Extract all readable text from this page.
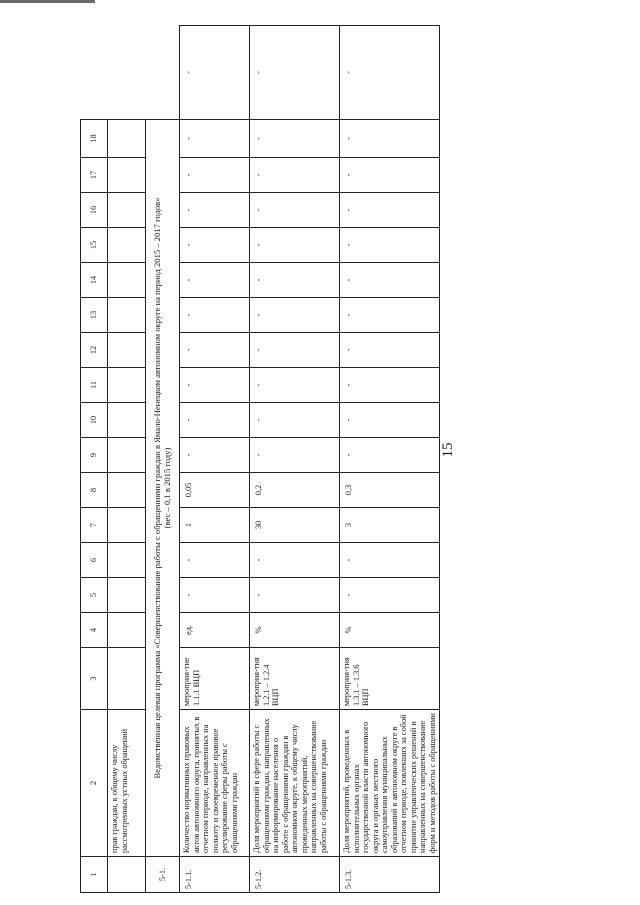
15
1	2	3	4	5	6	7	8	9	10	11	12	13	14	15	16	17	18	
	прав граждан, к общему числу рассмотренных устных обращений																	
5-1.	Ведомственная целевая программа «Совершенствование работы с обращениями граждан в Ямало-Ненецком автономном округе на период 2015 – 2017 годов» (вес – 0,1 в 2015 году)																	

5-1.1.	Количество нормативных правовых актов автономного округа, принятых в отчетном периоде, направленных на полноту и своевременное правовое регулирование сферы работы с обращениями граждан	мероприя-тие 1.1.1 ВЦП	ед.	-	-	1	0,05	-	-	-	-	-	-	-	-	-	-	-
5-1.2.	Доля мероприятий в сфере работы с обращениями граждан, направленных на информирование населения о работе с обращениями граждан в автономном округе, к общему числу проведенных мероприятий, направленных на совершенствование работы с обращениями граждан	мероприя-тия 1.2.1 – 1.2.4 ВЦП	%	-	-	30	0,2	-	-	-	-	-	-	-	-	-	-	-
5-1.3.	Доля мероприятий, проведенных в исполнительных органах государственной власти автономного округа и органах местного самоуправления муниципальных образований в автономном округе в отчетном периоде, повлекших за собой принятие управленческих решений и направленных на совершенствование форм и методов работы с обращениями	мероприя-тия 1.3.1 – 1.3.6 ВЦП	%	-	-	3	0,3	-	-	-	-	-	-	-	-	-	-	-
